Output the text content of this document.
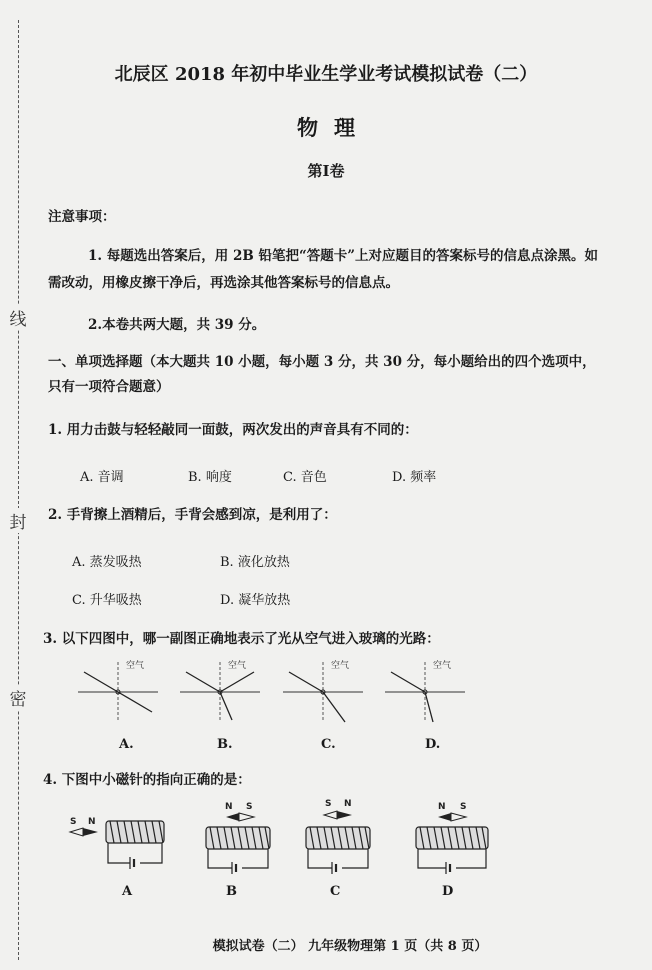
线
封
密
北辰区 2018 年初中毕业生学业考试模拟试卷（二）
物理
第Ⅰ卷
注意事项：
1. 每题选出答案后，用 2B 铅笔把“答题卡”上对应题目的答案标号的信息点涂黑。如
需改动，用橡皮擦干净后，再选涂其他答案标号的信息点。
2.本卷共两大题，共 39 分。
一、单项选择题（本大题共 10 小题，每小题 3 分，共 30 分，每小题给出的四个选项中，
只有一项符合题意）
1. 用力击鼓与轻轻敲同一面鼓，两次发出的声音具有不同的：
A. 音调	B. 响度	C. 音色	D. 频率
2. 手背擦上酒精后，手背会感到凉，是利用了：
A. 蒸发吸热	B. 液化放热
C. 升华吸热	D. 凝华放热
3. 以下四图中，哪一副图正确地表示了光从空气进入玻璃的光路：
空气
A.
空气
B.
空气
C.
空气
D.
4. 下图中小磁针的指向正确的是：
S N
A
N S
B
S N
C
N S
D
模拟试卷（二） 九年级物理第 1 页（共 8 页）
